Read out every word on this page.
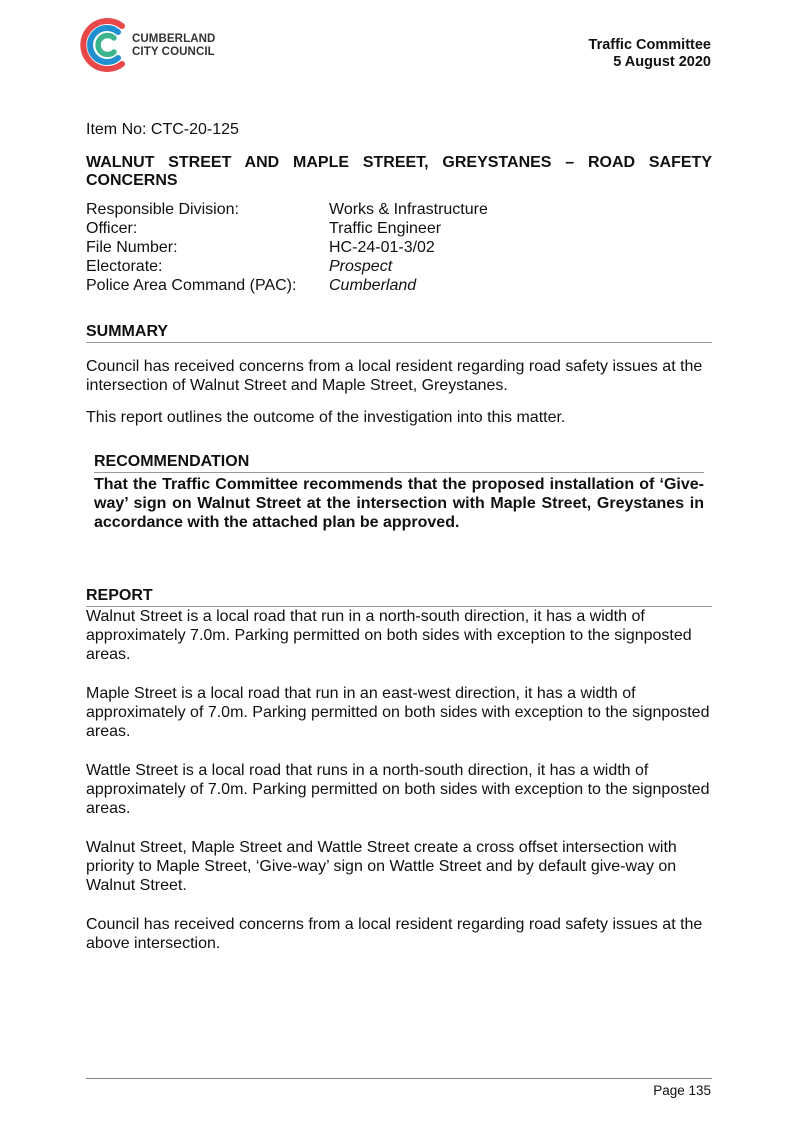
CUMBERLAND
CITY COUNCIL	Traffic Committee
5 August 2020

Item No: CTC-20-125

WALNUT STREET AND MAPLE STREET, GREYSTANES – ROAD SAFETY CONCERNS

Responsible Division:	Works & Infrastructure
Officer:	Traffic Engineer
File Number:	HC-24-01-3/02
Electorate:	Prospect
Police Area Command (PAC):	Cumberland

SUMMARY

Council has received concerns from a local resident regarding road safety issues at the intersection of Walnut Street and Maple Street, Greystanes.

This report outlines the outcome of the investigation into this matter.

RECOMMENDATION

That the Traffic Committee recommends that the proposed installation of ‘Give-way’ sign on Walnut Street at the intersection with Maple Street, Greystanes in accordance with the attached plan be approved.

REPORT

Walnut Street is a local road that run in a north-south direction, it has a width of approximately 7.0m. Parking permitted on both sides with exception to the signposted areas.

Maple Street is a local road that run in an east-west direction, it has a width of approximately of 7.0m. Parking permitted on both sides with exception to the signposted areas.

Wattle Street is a local road that runs in a north-south direction, it has a width of approximately of 7.0m. Parking permitted on both sides with exception to the signposted areas.

Walnut Street, Maple Street and Wattle Street create a cross offset intersection with priority to Maple Street, ‘Give-way’ sign on Wattle Street and by default give-way on Walnut Street.

Council has received concerns from a local resident regarding road safety issues at the above intersection.

Page 135
